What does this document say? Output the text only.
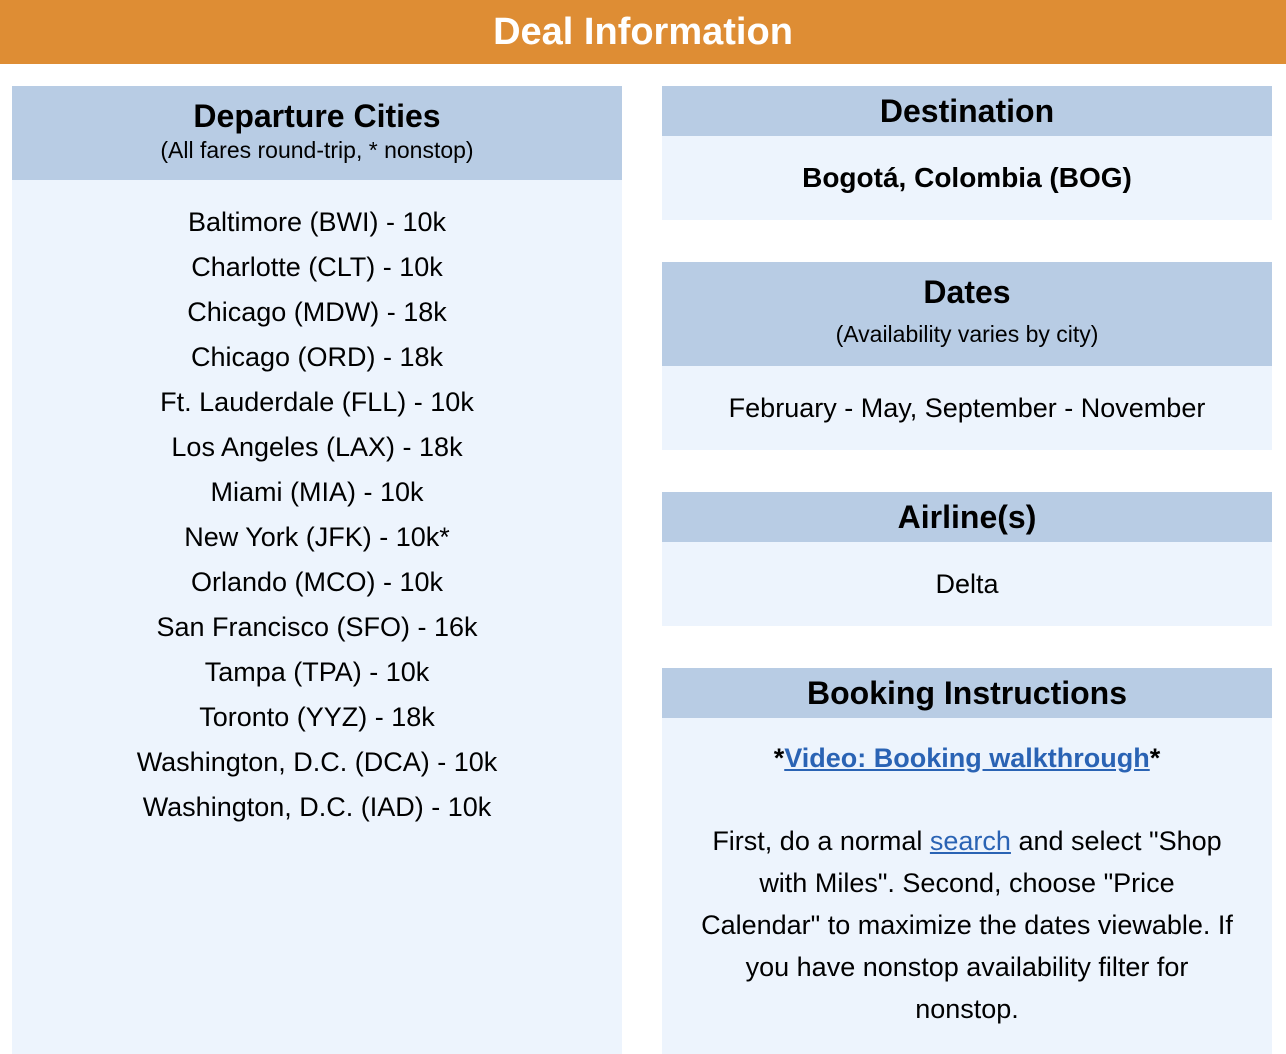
Deal Information
Departure Cities
(All fares round-trip, * nonstop)
Baltimore (BWI) - 10k
Charlotte (CLT) - 10k
Chicago (MDW) - 18k
Chicago (ORD) - 18k
Ft. Lauderdale (FLL) - 10k
Los Angeles (LAX) - 18k
Miami (MIA) - 10k
New York (JFK) - 10k*
Orlando (MCO) - 10k
San Francisco (SFO) - 16k
Tampa (TPA) - 10k
Toronto (YYZ) - 18k
Washington, D.C. (DCA) - 10k
Washington, D.C. (IAD) - 10k
Destination
Bogotá, Colombia (BOG)
Dates
(Availability varies by city)
February - May, September - November
Airline(s)
Delta
Booking Instructions
*Video: Booking walkthrough*
First, do a normal search and select "Shop with Miles". Second, choose "Price Calendar" to maximize the dates viewable. If you have nonstop availability filter for nonstop.
